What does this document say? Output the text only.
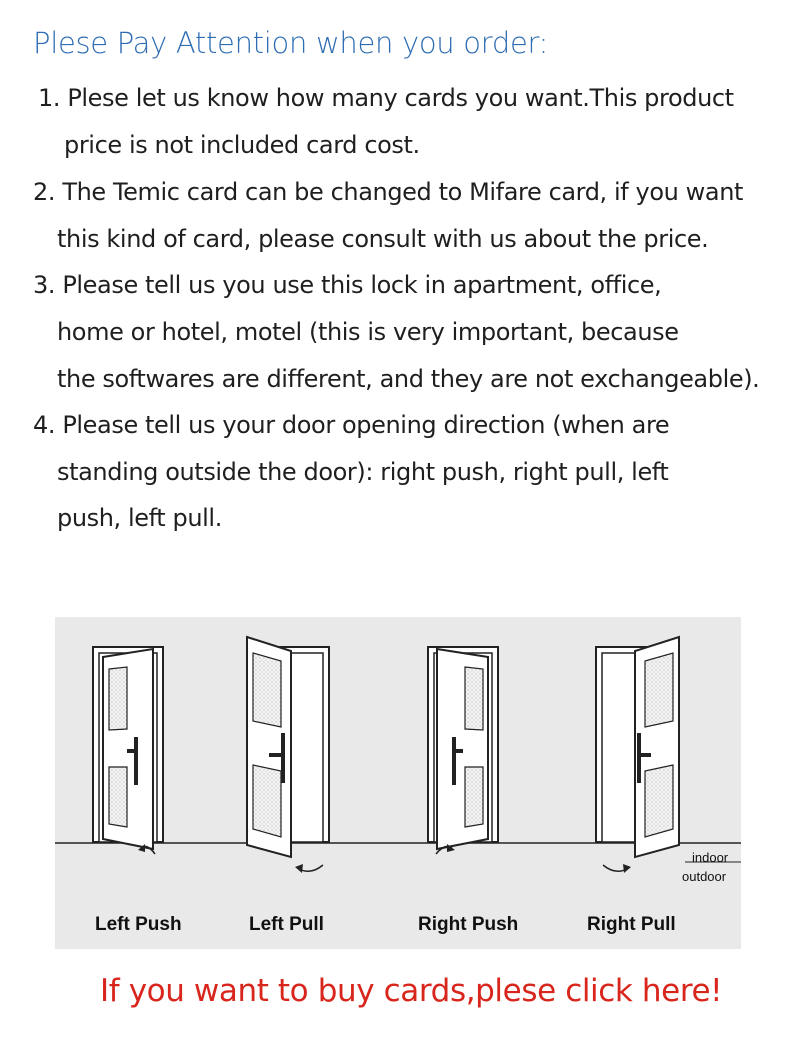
Plese Pay Attention when you order:
1. Plese let us know how many cards you want.This product
price is not included card cost.
2. The Temic card can be changed to Mifare card, if you want
this kind of card, please consult with us about the price.
3. Please tell us you use this lock in apartment, office,
home or hotel, motel (this is very important, because
the softwares are different, and they are not exchangeable).
4. Please tell us your door opening direction (when are
standing outside the door): right push, right pull, left
push, left pull.
Left Push	Left Pull	Right Push	Right Pull
indoor
outdoor
If you want to buy cards,plese click here!
